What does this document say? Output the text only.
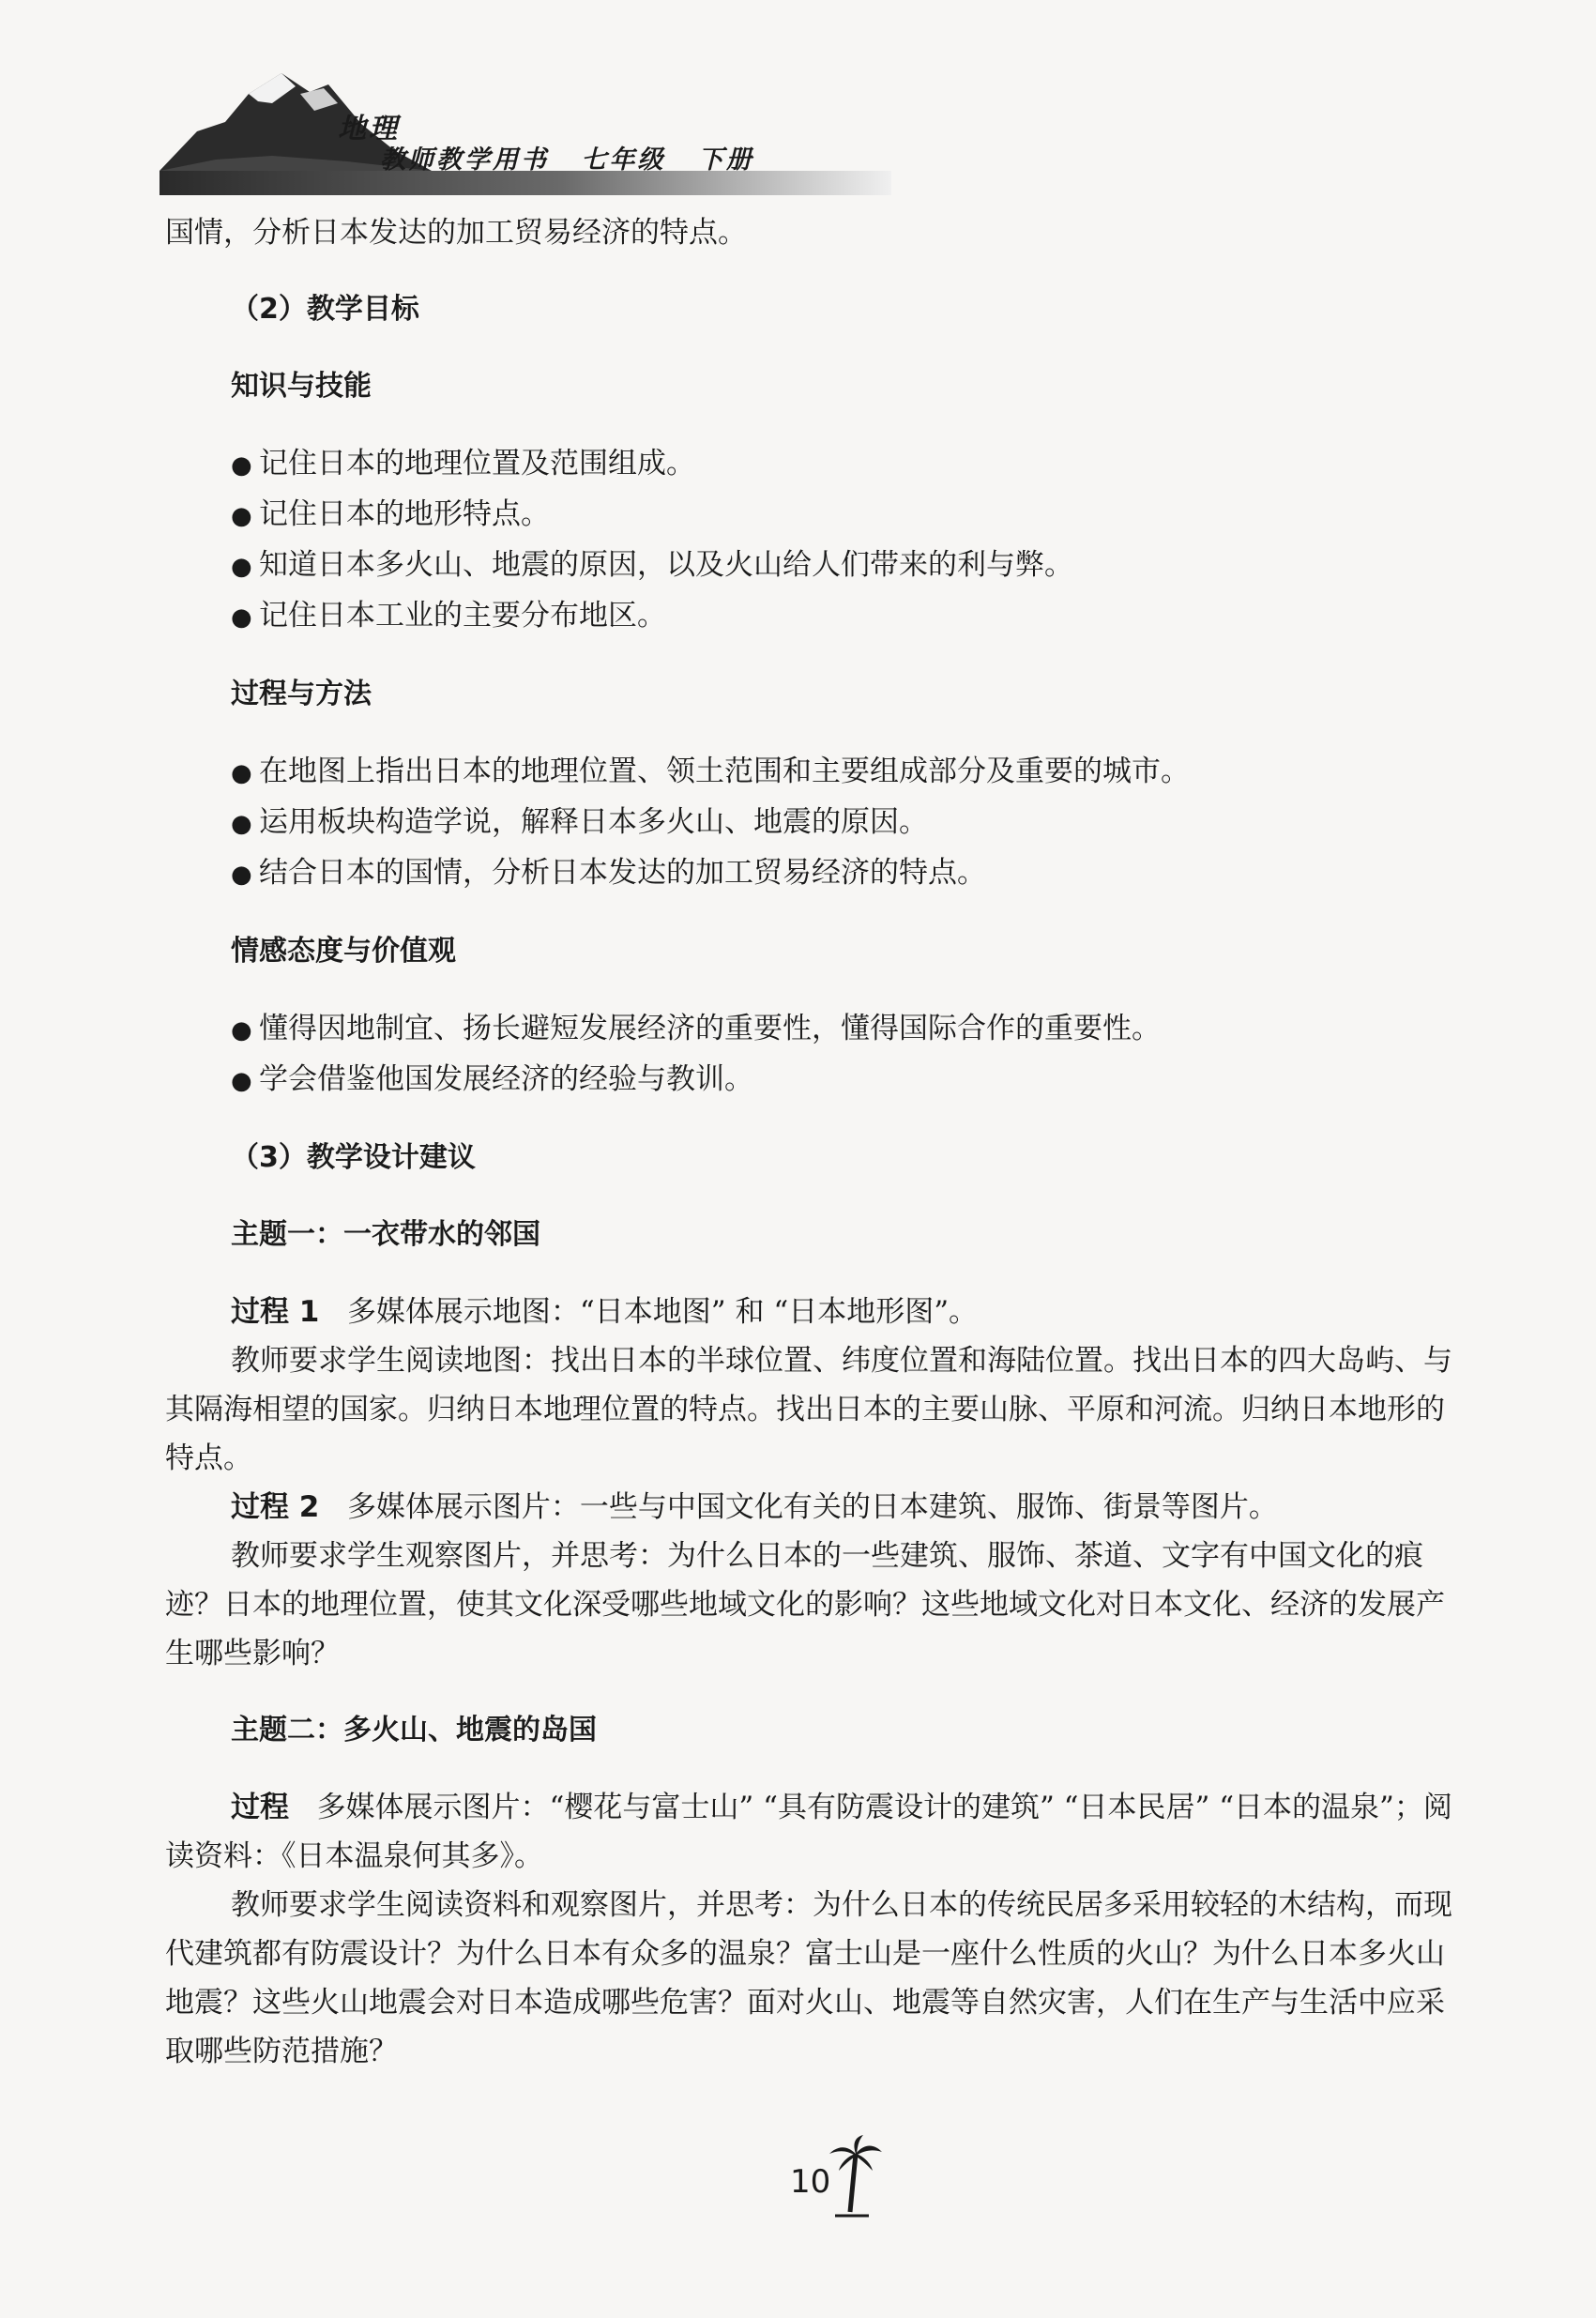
地理
教师教学用书 七年级 下册

国情，分析日本发达的加工贸易经济的特点。

（2）教学目标

知识与技能

● 记住日本的地理位置及范围组成。

● 记住日本的地形特点。

● 知道日本多火山、地震的原因，以及火山给人们带来的利与弊。

● 记住日本工业的主要分布地区。

过程与方法

● 在地图上指出日本的地理位置、领土范围和主要组成部分及重要的城市。

● 运用板块构造学说，解释日本多火山、地震的原因。

● 结合日本的国情，分析日本发达的加工贸易经济的特点。

情感态度与价值观

● 懂得因地制宜、扬长避短发展经济的重要性，懂得国际合作的重要性。

● 学会借鉴他国发展经济的经验与教训。

（3）教学设计建议

主题一：一衣带水的邻国

过程 1 多媒体展示地图：“日本地图” 和 “日本地形图”。

教师要求学生阅读地图：找出日本的半球位置、纬度位置和海陆位置。找出日本的四大岛屿、与其隔海相望的国家。归纳日本地理位置的特点。找出日本的主要山脉、平原和河流。归纳日本地形的特点。

过程 2 多媒体展示图片：一些与中国文化有关的日本建筑、服饰、街景等图片。

教师要求学生观察图片，并思考：为什么日本的一些建筑、服饰、茶道、文字有中国文化的痕迹？日本的地理位置，使其文化深受哪些地域文化的影响？这些地域文化对日本文化、经济的发展产生哪些影响？

主题二：多火山、地震的岛国

过程 多媒体展示图片：“樱花与富士山” “具有防震设计的建筑” “日本民居” “日本的温泉”；阅读资料：《日本温泉何其多》。

教师要求学生阅读资料和观察图片，并思考：为什么日本的传统民居多采用较轻的木结构，而现代建筑都有防震设计？为什么日本有众多的温泉？富士山是一座什么性质的火山？为什么日本多火山地震？这些火山地震会对日本造成哪些危害？面对火山、地震等自然灾害，人们在生产与生活中应采取哪些防范措施？

10
